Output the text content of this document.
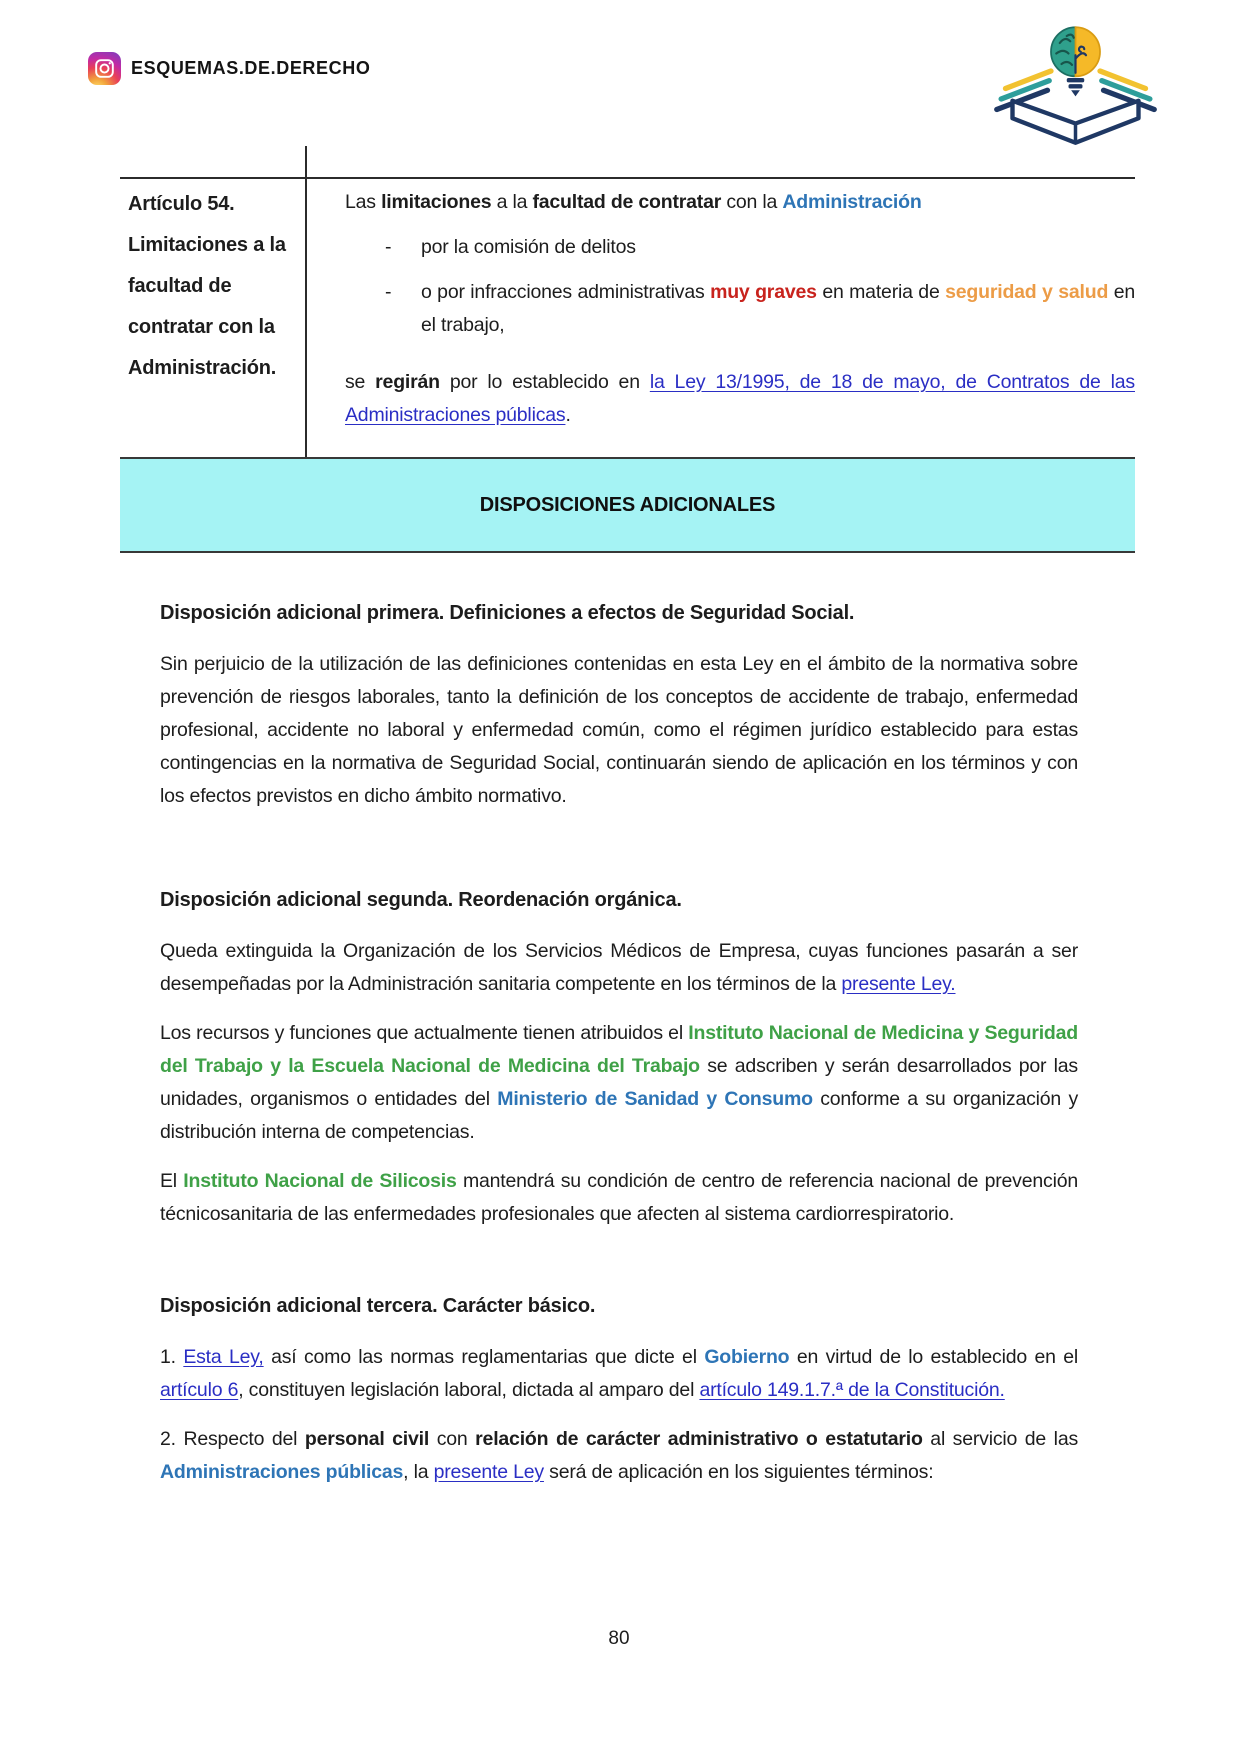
ESQUEMAS.DE.DERECHO
Artículo 54. Limitaciones a la facultad de contratar con la Administración.

Las limitaciones a la facultad de contratar con la Administración

-	por la comisión de delitos

-	o por infracciones administrativas muy graves en materia de seguridad y salud en el trabajo,

se regirán por lo establecido en la Ley 13/1995, de 18 de mayo, de Contratos de las Administraciones públicas.

DISPOSICIONES ADICIONALES
Disposición adicional primera. Definiciones a efectos de Seguridad Social.

Sin perjuicio de la utilización de las definiciones contenidas en esta Ley en el ámbito de la normativa sobre prevención de riesgos laborales, tanto la definición de los conceptos de accidente de trabajo, enfermedad profesional, accidente no laboral y enfermedad común, como el régimen jurídico establecido para estas contingencias en la normativa de Seguridad Social, continuarán siendo de aplicación en los términos y con los efectos previstos en dicho ámbito normativo.

Disposición adicional segunda. Reordenación orgánica.

Queda extinguida la Organización de los Servicios Médicos de Empresa, cuyas funciones pasarán a ser desempeñadas por la Administración sanitaria competente en los términos de la presente Ley.

Los recursos y funciones que actualmente tienen atribuidos el Instituto Nacional de Medicina y Seguridad del Trabajo y la Escuela Nacional de Medicina del Trabajo se adscriben y serán desarrollados por las unidades, organismos o entidades del Ministerio de Sanidad y Consumo conforme a su organización y distribución interna de competencias.

El Instituto Nacional de Silicosis mantendrá su condición de centro de referencia nacional de prevención técnicosanitaria de las enfermedades profesionales que afecten al sistema cardiorrespiratorio.

Disposición adicional tercera. Carácter básico.

1. Esta Ley, así como las normas reglamentarias que dicte el Gobierno en virtud de lo establecido en el artículo 6, constituyen legislación laboral, dictada al amparo del artículo 149.1.7.ª de la Constitución.

2. Respecto del personal civil con relación de carácter administrativo o estatutario al servicio de las Administraciones públicas, la presente Ley será de aplicación en los siguientes términos:

80
